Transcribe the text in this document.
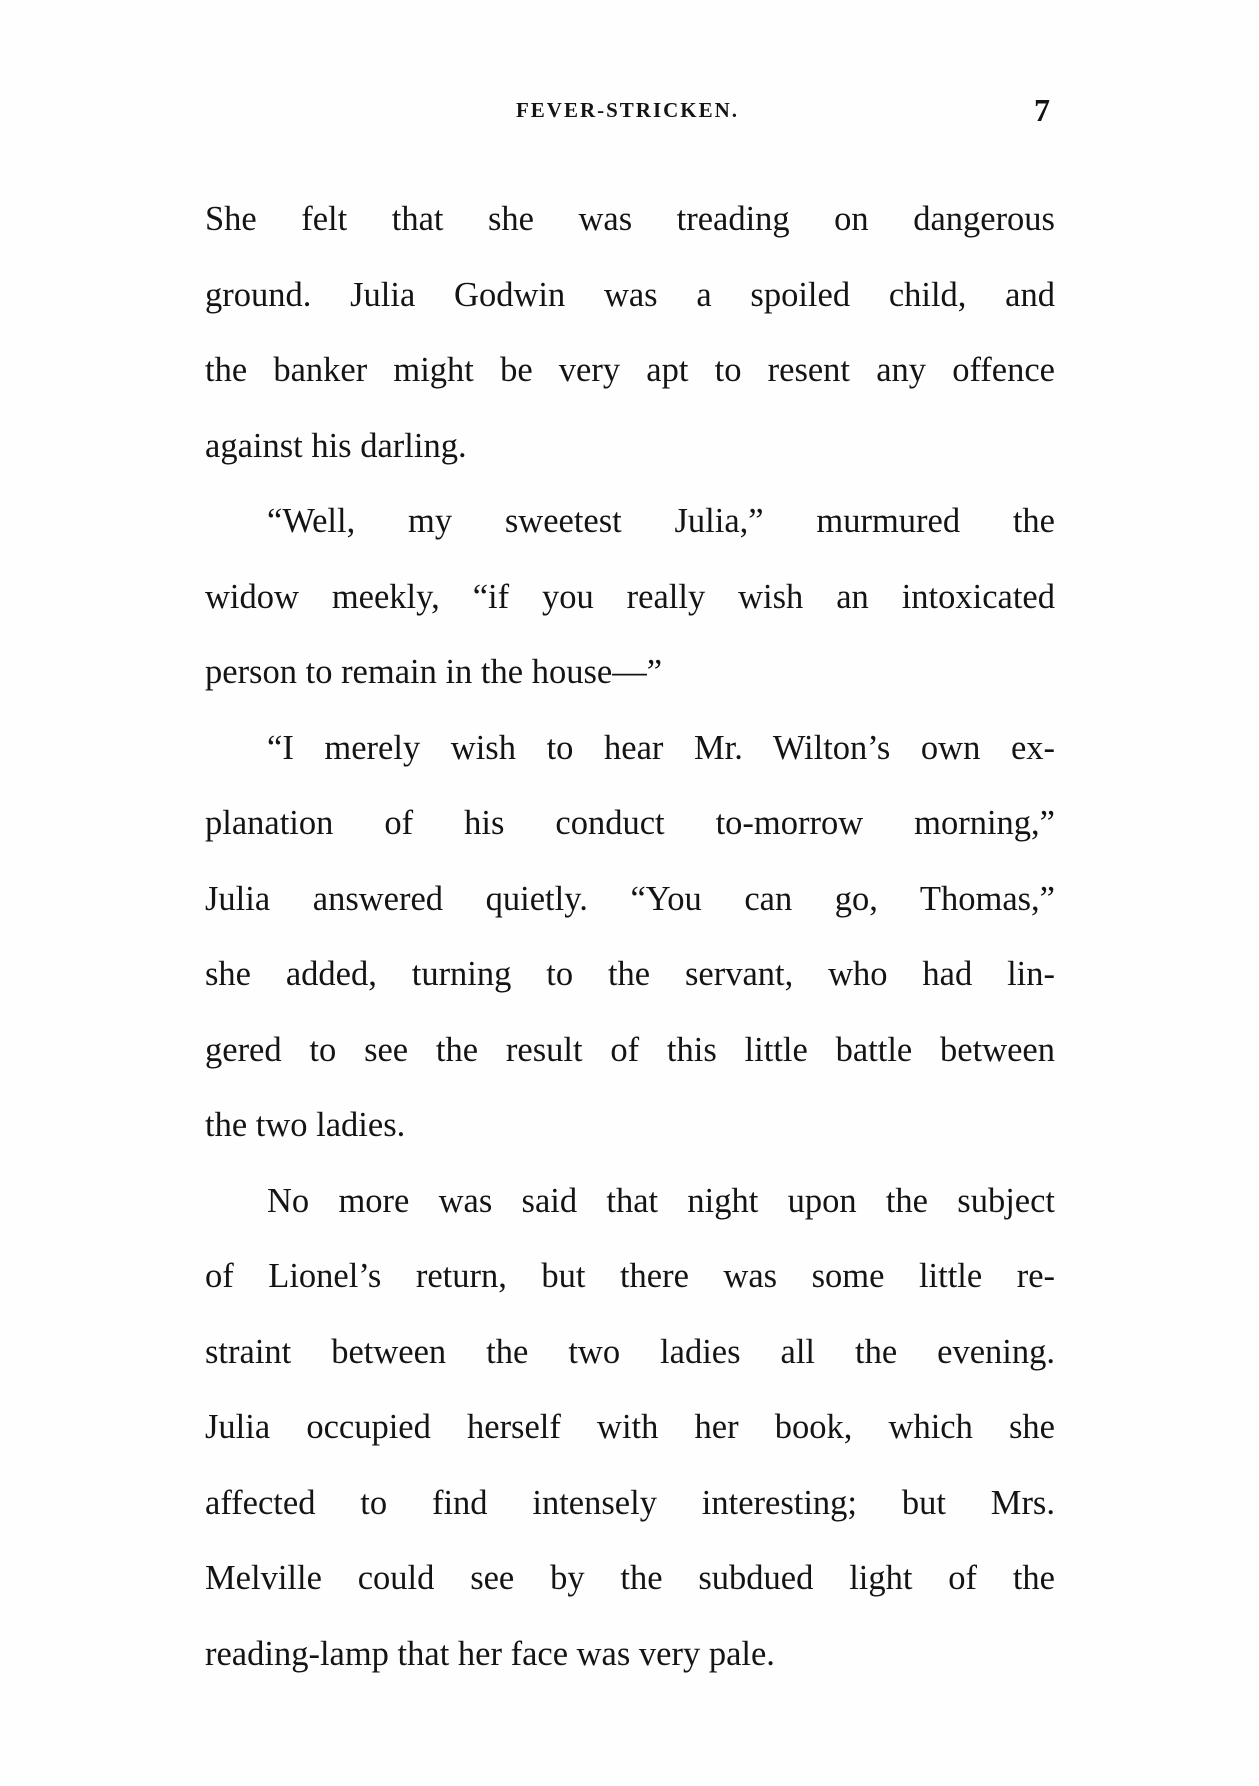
FEVER-STRICKEN.	7
She felt that she was treading on dangerous
ground. Julia Godwin was a spoiled child, and
the banker might be very apt to resent any offence
against his darling.
“Well, my sweetest Julia,” murmured the
widow meekly, “if you really wish an intoxicated
person to remain in the house—”
“I merely wish to hear Mr. Wilton’s own ex-
planation of his conduct to-morrow morning,”
Julia answered quietly. “You can go, Thomas,”
she added, turning to the servant, who had lin-
gered to see the result of this little battle between
the two ladies.
No more was said that night upon the subject
of Lionel’s return, but there was some little re-
straint between the two ladies all the evening.
Julia occupied herself with her book, which she
affected to find intensely interesting; but Mrs.
Melville could see by the subdued light of the
reading-lamp that her face was very pale.
